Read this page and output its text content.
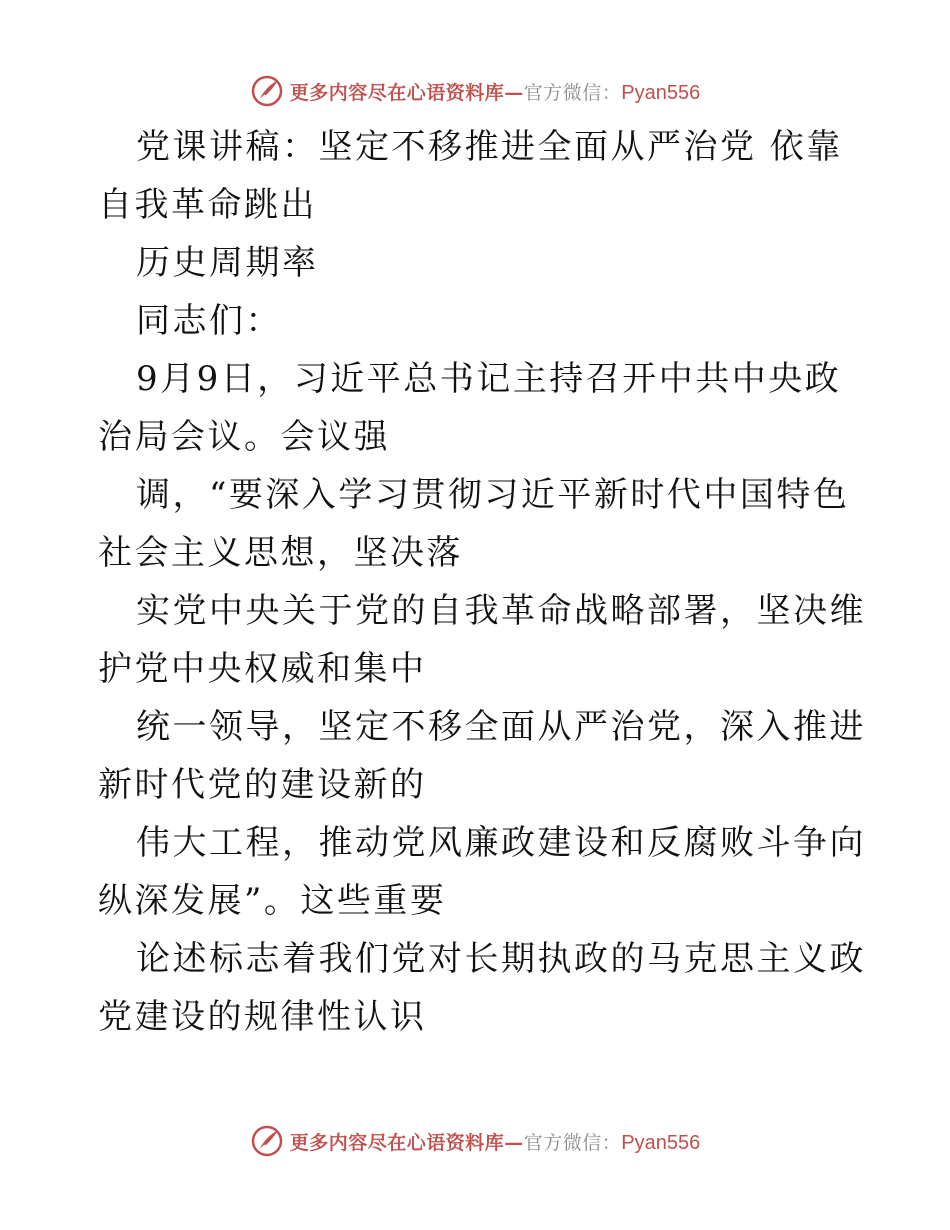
更多内容尽在心语资料库 — 官方微信： Pyan556

党课讲稿：坚定不移推进全面从严治党 依靠自我革命跳出

历史周期率

同志们：

9月9日，习近平总书记主持召开中共中央政治局会议。会议强

调，“要深入学习贯彻习近平新时代中国特色社会主义思想，坚决落

实党中央关于党的自我革命战略部署，坚决维护党中央权威和集中

统一领导，坚定不移全面从严治党，深入推进新时代党的建设新的

伟大工程，推动党风廉政建设和反腐败斗争向纵深发展”。这些重要

论述标志着我们党对长期执政的马克思主义政党建设的规律性认识

更多内容尽在心语资料库 — 官方微信： Pyan556
